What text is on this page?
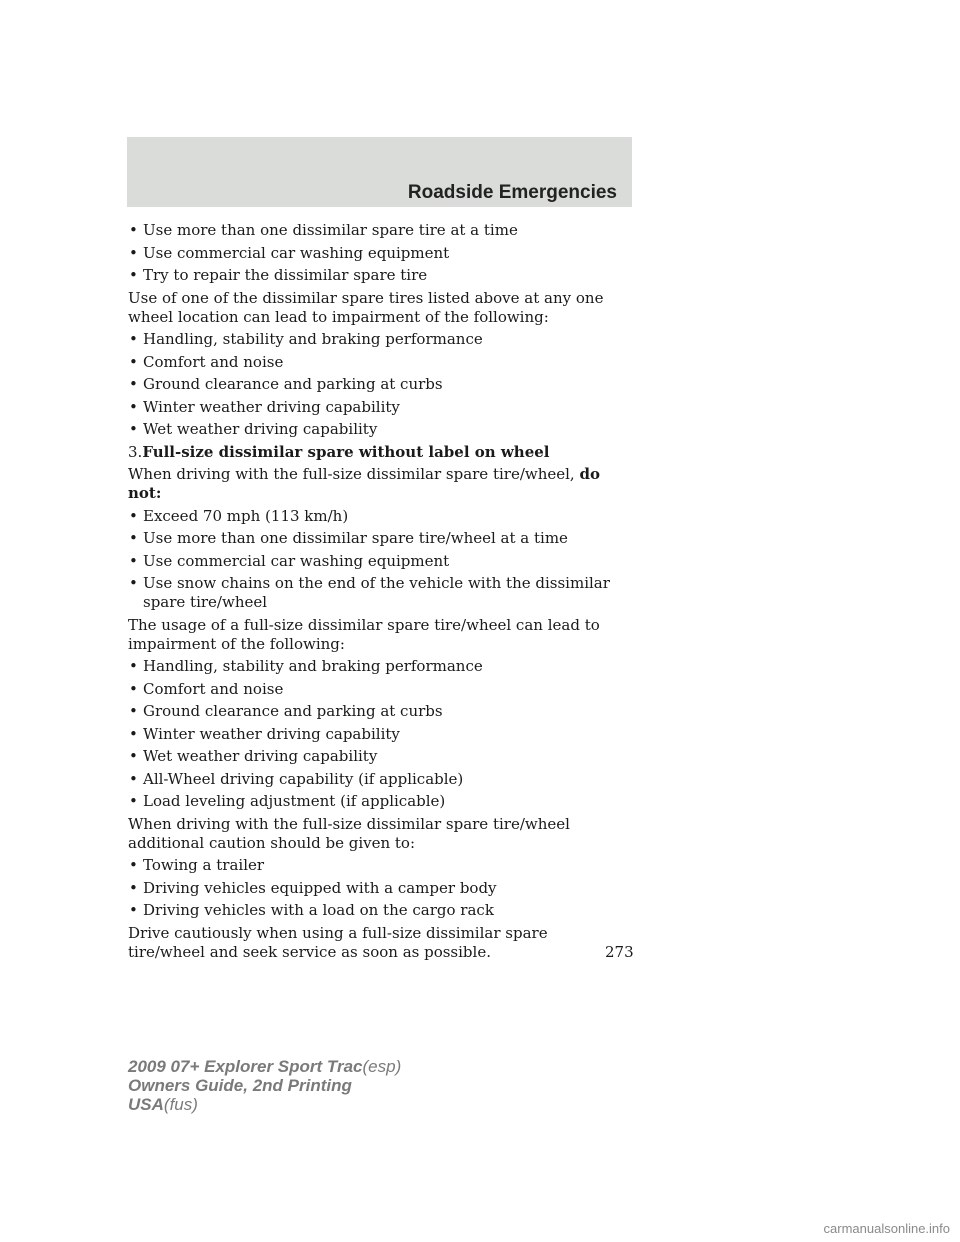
Roadside Emergencies
• Use more than one dissimilar spare tire at a time
• Use commercial car washing equipment
• Try to repair the dissimilar spare tire
Use of one of the dissimilar spare tires listed above at any one wheel location can lead to impairment of the following:
• Handling, stability and braking performance
• Comfort and noise
• Ground clearance and parking at curbs
• Winter weather driving capability
• Wet weather driving capability
3.Full-size dissimilar spare without label on wheel
When driving with the full-size dissimilar spare tire/wheel, do not:
• Exceed 70 mph (113 km/h)
• Use more than one dissimilar spare tire/wheel at a time
• Use commercial car washing equipment
• Use snow chains on the end of the vehicle with the dissimilar spare tire/wheel
The usage of a full-size dissimilar spare tire/wheel can lead to impairment of the following:
• Handling, stability and braking performance
• Comfort and noise
• Ground clearance and parking at curbs
• Winter weather driving capability
• Wet weather driving capability
• All-Wheel driving capability (if applicable)
• Load leveling adjustment (if applicable)
When driving with the full-size dissimilar spare tire/wheel additional caution should be given to:
• Towing a trailer
• Driving vehicles equipped with a camper body
• Driving vehicles with a load on the cargo rack
Drive cautiously when using a full-size dissimilar spare tire/wheel and seek service as soon as possible.	273
2009 07+ Explorer Sport Trac(esp)
Owners Guide, 2nd Printing
USA(fus)
carmanualsonline.info
